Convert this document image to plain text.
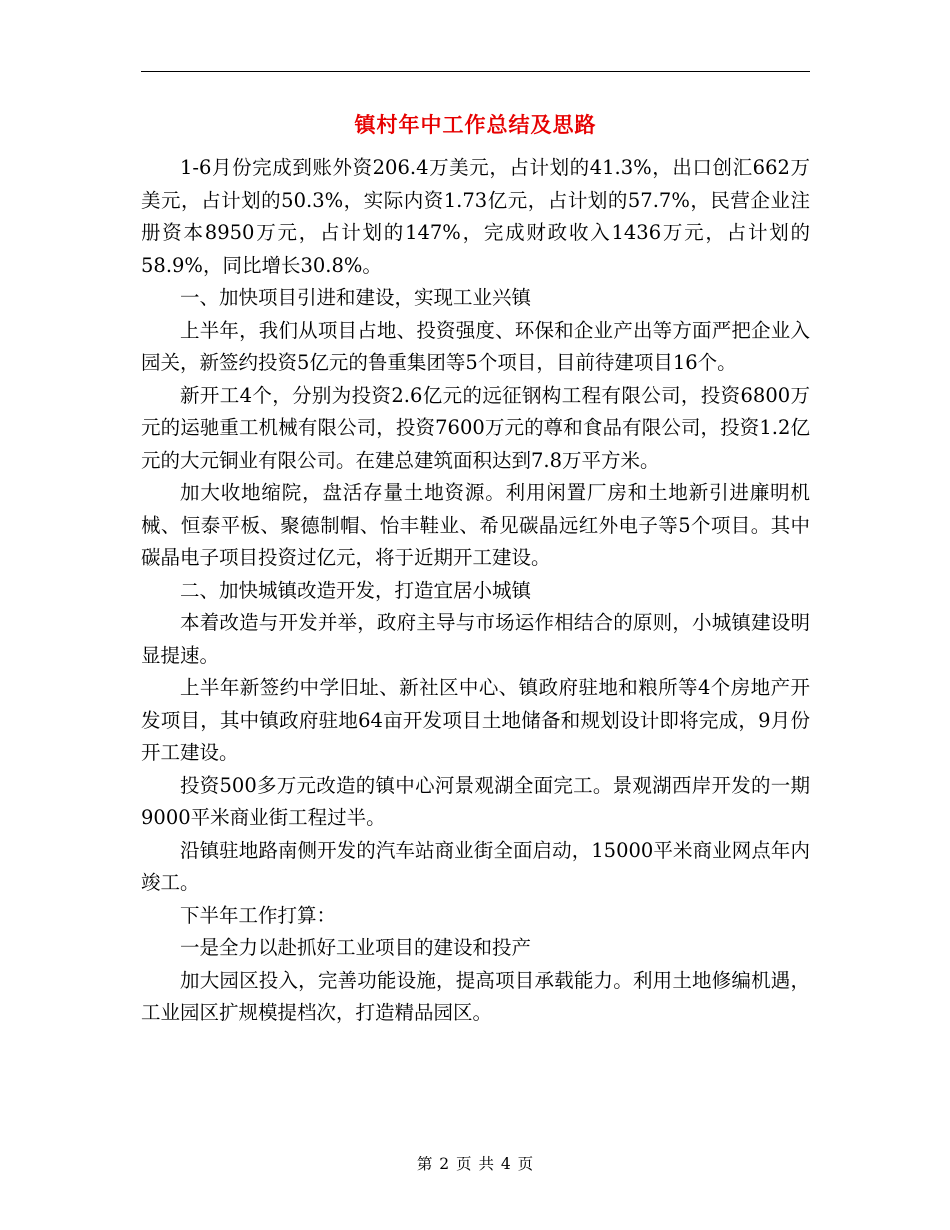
镇村年中工作总结及思路

1-6月份完成到账外资206.4万美元，占计划的41.3%，出口创汇662万美元，占计划的50.3%，实际内资1.73亿元，占计划的57.7%，民营企业注册资本8950万元，占计划的147%，完成财政收入1436万元，占计划的58.9%，同比增长30.8%。

一、加快项目引进和建设，实现工业兴镇

上半年，我们从项目占地、投资强度、环保和企业产出等方面严把企业入园关，新签约投资5亿元的鲁重集团等5个项目，目前待建项目16个。

新开工4个，分别为投资2.6亿元的远征钢构工程有限公司，投资6800万元的运驰重工机械有限公司，投资7600万元的尊和食品有限公司，投资1.2亿元的大元铜业有限公司。在建总建筑面积达到7.8万平方米。

加大收地缩院，盘活存量土地资源。利用闲置厂房和土地新引进廉明机械、恒泰平板、聚德制帽、怡丰鞋业、希见碳晶远红外电子等5个项目。其中碳晶电子项目投资过亿元，将于近期开工建设。

二、加快城镇改造开发，打造宜居小城镇

本着改造与开发并举，政府主导与市场运作相结合的原则，小城镇建设明显提速。

上半年新签约中学旧址、新社区中心、镇政府驻地和粮所等4个房地产开发项目，其中镇政府驻地64亩开发项目土地储备和规划设计即将完成，9月份开工建设。

投资500多万元改造的镇中心河景观湖全面完工。景观湖西岸开发的一期9000平米商业街工程过半。

沿镇驻地路南侧开发的汽车站商业街全面启动，15000平米商业网点年内竣工。

下半年工作打算：

一是全力以赴抓好工业项目的建设和投产

加大园区投入，完善功能设施，提高项目承载能力。利用土地修编机遇，工业园区扩规模提档次，打造精品园区。

第 2 页 共 4 页
